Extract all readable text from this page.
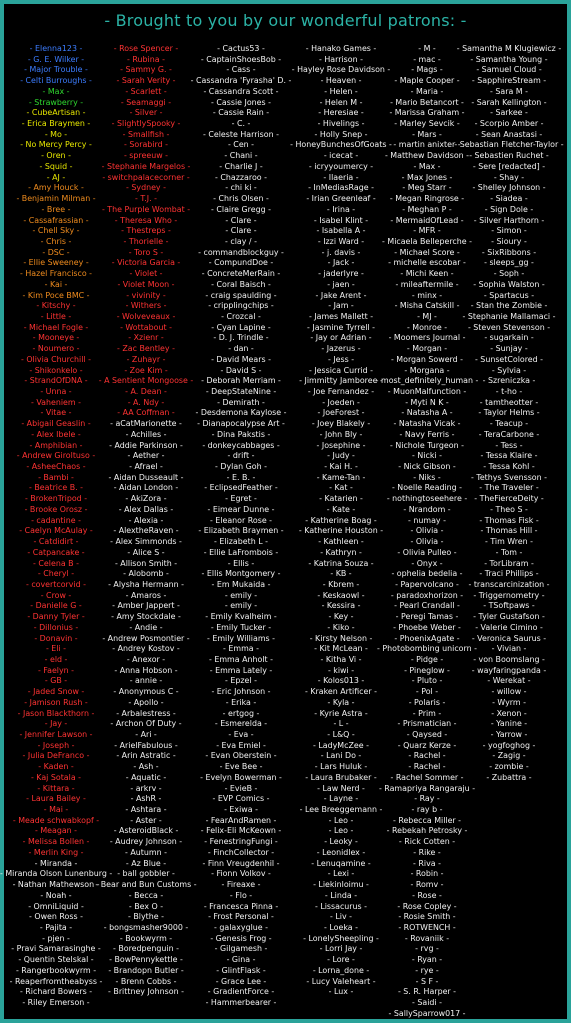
- Brought to you by our wonderful patrons: -
- Elenna123 -
- G. E. Wilker -
- Major Trouble -
- Celti Burroughs -
- Max -
- Strawberry -
- CubeArtisan -
- Erica Braymen -
- Mo -
- No Mercy Percy -
- Oren -
- Squid -
- AJ -
- Amy Houck -
- Benjamin Milman -
- Bree -
- Cassafrassian -
- Chell Sky -
- Chris -
- DSC -
- Ellie Sweeney -
- Hazel Francisco -
- Kai -
- Kim Poce BMC -
- Kitschy -
- Little -
- Michael Fogle -
- Mooneye -
- Noumero -
- Olivia Churchill -
- Shikonkelo -
- StrandOfDNA -
- Unna -
- Vaheniem -
- Vitae -
- Abigail Geaslin -
- Alex Ibele -
- Amphibian -
- Andrew Giroltuso -
- AsheeChaos -
- Bambi -
- Beatrice B. -
- BrokenTripod -
- Brooke Orosz -
- cadantine -
- Caelyn McAulay -
- Catdidirt -
- Catpancake -
- Celena B -
- Cheryl -
- covertcorvid -
- Crow -
- Danielle G -
- Danny Tyler -
- Dillonius -
- Donavin -
- Eli -
- eld -
- Faelyn -
- GB -
- Jaded Snow -
- Jamison Rush -
- Jason Blackthorn -
- Jay -
- Jennifer Lawson -
- Joseph -
- Julia DeFranco -
- Kaden -
- Kaj Sotala -
- Kittara -
- Laura Bailey -
- Mai -
- Meade schwabkopf -
- Meagan -
- Melissa Bollen -
- Merlin King -
- Miranda -
- Miranda Olson Lunenburg -
- Nathan Mathewson -
- Noah -
- OmniLiquid -
- Owen Ross -
- Pajita -
- pjen -
- Pravi Samarasinghe -
- Quentin Stelskal -
- Rangerbookwyrm -
- Reaperfromtheabyss -
- Richard Bowers -
- Riley Emerson -
- Rose Spencer -
- Rubina -
- Sammy G. -
- Sarah Verity -
- Scarlett -
- Seamaggi -
- Silver -
- SlightlySpooky -
- Smallfish -
- Sorabird -
- spreeuw -
- Stephanie Margelos -
- switchpalacecorner -
- Sydney -
- T.J. -
- The Purple Wombat -
- Theresa Who -
- Thestreps -
- Thorielle -
- Toro S -
- Victoria Garcia -
- Violet -
- Violet Moon -
- vivinity -
- Withers -
- Wolveveaux -
- Wottabout -
- Xzienr -
- Zac Bentley -
- Zuhayr -
- Zoe Kim -
- A Sentient Mongoose -
- A. Dean -
- A. Ndy -
- AA Coffman -
- aCatMarionette -
- Achilles -
- Addie Parkinson -
- Aether -
- Afrael -
- Aidan Dusseault -
- Aidan London -
- AkiZora -
- Alex Dallas -
- Alexia -
- AlextheRaven -
- Alex Simmonds -
- Alice S -
- Allison Smith -
- Alobomb -
- Alysha Hermann -
- Amaros -
- Amber Jappert -
- Amy Stockdale -
- Andie -
- Andrew Posmontier -
- Andrey Kostov -
- Anexor -
- Anna Hobson -
- annie -
- Anonymous C -
- Apollo -
- Arbalestress -
- Archon Of Duty -
- Ari -
- ArielFabulous -
- Arin Astratic -
- Ash -
- Aquatic -
- arkrv -
- AshR -
- Ashtara -
- Aster -
- AsteroidBlack -
- Audrey Johnson -
- Autumn -
- Az Blue -
- ball gobbler -
- Bear and Bun Customs -
- Becca -
- Bex O -
- Blythe -
- bongsmasher9000 -
- Bookwyrm -
- Boredpenguin -
- BowPennykettle -
- Brandopn Butler -
- Brenn Cobbs -
- Brittney Johnson -
- Cactus53 -
- CaptainShoesBob -
- Cass -
- Cassandra 'Fyrasha' D. -
- Cassandra Scott -
- Cassie Jones -
- Cassie Rain -
- C. -
- Celeste Harrison -
- Cen -
- Chani -
- Charlie J -
- Chazzaroo -
- chi ki -
- Chris Olsen -
- Claire Gregg -
- Clare -
- Clare -
- clay / -
- commandblockguy -
- CompundDoe -
- ConcreteMerRain -
- Coral Baisch -
- craig spaulding -
- cripplingchips -
- Crozcal -
- Cyan Lapine -
- D. J. Trindle -
- dan -
- David Mears -
- David S -
- Deborah Merriam -
- DeepStateNine -
- Demirath -
- Desdemona Kaylose -
- Dianapocalypse Art -
- Dina Pakstis -
- donkeycabbages -
- drift -
- Dylan Goh -
- E. B. -
- EclipsedFeather -
- Egret -
- Eimear Dunne -
- Eleanor Rose -
- Elizabeth Braymen -
- Elizabeth L -
- Ellie LaFrombois -
- Ellis -
- Ellis Montgomery -
- Em Mukaida -
- emily -
- emily -
- Emily Kvalheim -
- Emily Tucker -
- Emily Williams -
- Emma -
- Emma Anholt -
- Emma Lately -
- Epzel -
- Eric Johnson -
- Erika -
- ertgog -
- Esmerelda -
- Eva -
- Eva Emiel -
- Evan Oberstein -
- Eve Bee -
- Evelyn Bowerman -
- EvieB -
- EVP Comics -
- Exiwa -
- FearAndRamen -
- Felix-Eli McKeown -
- FenestringFungi -
- FinchCollector -
- Finn Vreugdenhil -
- Fionn Volkov -
- Fireaxe -
- Flo -
- Francesca Pinna -
- Frost Personal -
- galaxyglue -
- Genesis Frog -
- Gilgamesh -
- Gina -
- GlintFlask -
- Grace Lee -
- GradientForce -
- Hammerbearer -
- Hanako Games -
- Harrison -
- Hayley Rose Davidson -
- Heaven -
- Helen -
- Helen M -
- Heresiae -
- Hivelings -
- Holly Snep -
- HoneyBunchesOfGoats -
- icecat -
- icryyoumercy -
- Ilaeria -
- InMediasRage -
- Irian Greenleaf -
- Irina -
- Isabel Klint -
- Isabella A -
- Izzi Ward -
- j. davis -
- Jack -
- jaderlyre -
- jaen -
- Jake Arent -
- Jam -
- James Mallett -
- Jasmine Tyrrell -
- Jay or Adrian -
- Jazerus -
- Jess -
- Jessica Currid -
- Jimmitty Jamboree -
- Joe Fernandez -
- Joeden -
- JoeForest -
- Joey Blakely -
- John Bly -
- Josephine -
- Judy -
- Kai H. -
- Kame-Tan -
- Kat -
- Katarien -
- Kate -
- Katherine Boag -
- Katherine Houston -
- Kathleen -
- Kathryn -
- Katrina Souza -
- KB -
- Kbrem -
- Keskaowl -
- Kessira -
- Key -
- Kiko -
- Kirsty Nelson -
- Kit McLean -
- Kitha Vi -
- kiwi -
- Kolos013 -
- Kraken Artificer -
- Kyla -
- Kyrie Astra -
- L -
- L&Q -
- LadyMcZee -
- Lani Do -
- Lars Huluk -
- Laura Brubaker -
- Law Nerd -
- Layne -
- Lee Breeggemann -
- Leo -
- Leo -
- Leoky -
- Leonidlex -
- Lenuqamine -
- Lexi -
- Liekinloimu -
- Linda -
- Lissacurus -
- Liv -
- Loeka -
- LonelySheepling -
- Lorri Jay -
- Lore -
- Lorna_done -
- Lucy Valeheart -
- Lux -
- M -
- mac -
- Mags -
- Maple Cooper -
- Maria -
- Mario Betancort -
- Marissa Graham -
- Marley Sevcik -
- Mars -
- martin anixter -
- Matthew Davidson -
- Max -
- Max Jones -
- Meg Starr -
- Megan Ringrose -
- Meghan P -
- MermaidOfLead -
- MFR -
- Micaela Belleperche -
- Michael Score -
- michelle escobar -
- Michi Keen -
- mileaftermile -
- minx -
- Misha Catskill -
- MJ -
- Monroe -
- Moomers Journal -
- Morgan -
- Morgan Sowerd -
- Morgana -
- most_definitely_human -
- MuonMalfunction -
- Myti N K -
- Natasha A -
- Natasha Vicak -
- Navy Ferris -
- Nichole Turgeon -
- Nicki -
- Nick Gibson -
- Niks -
- Noelle Reading -
- nothingtoseehere -
- Nrandom -
- numay -
- Olivia -
- Olivia -
- Olivia Pulleo -
- Onyx -
- ophelia bedelia -
- Papervolcano -
- paradoxhorizon -
- Pearl Crandall -
- Peregi Tamas -
- Phoebe Weber -
- PhoenixAgate -
- Photobombing unicorn -
- Pidge -
- Pineglow -
- Pluto -
- Pol -
- Polaris -
- Prim -
- Prismatician -
- Qaysed -
- Quarz Kerze -
- Rachel -
- Rachel -
- Rachel Sommer -
- Ramapriya Rangaraju -
- Ray -
- ray b -
- Rebecca Miller -
- Rebekah Petrosky -
- Rick Cotten -
- Rike -
- Riva -
- Robin -
- Romv -
- Rose -
- Rose Copley -
- Rosie Smith -
- ROTWENCH -
- Rovaniik -
- rvg -
- Ryan -
- rye -
- S F -
- S. R. Harper -
- Saidi -
- SallySparrow017 -
- Samantha M Klugiewicz -
- Samantha Young -
- Samuel Cloud -
- SapphireStream -
- Sara M -
- Sarah Kellington -
- Sarkee -
- Scorpio Amber -
- Sean Anastasi -
- Sebastian Fletcher-Taylor -
- Sebastien Ruchet -
- Sere [redacted] -
- Shay -
- Shelley Johnson -
- Siadea -
- Sign Dole -
- Silver Harthorn -
- Simon -
- Sioury -
- SixRibbons -
- sleeps_gg -
- Soph -
- Sophia Walston -
- Spartacus -
- Stan the Zombie -
- Stephanie Mallamaci -
- Steven Stevenson -
- sugarkain -
- Sunjay -
- SunsetColored -
- Sylvia -
- Szreniczka -
- t-ho -
- tamtheotter -
- Taylor Helms -
- Teacup -
- TeraCarbone -
- Tess -
- Tessa Klaire -
- Tessa Kohl -
- Tethys Svensson -
- The Traveler -
- TheFierceDeity -
- Theo S -
- Thomas Fisk -
- Thomas Hill -
- Tim Wren -
- Tom -
- TorLibram -
- Traci Phillips -
- transcarcinization -
- Triggernometry -
- TSoftpaws -
- Tyler Gustafson -
- Valerie Cimino -
- Veronica Saurus -
- Vivian -
- von Boomslang -
- wayfaringpanda -
- Werekat -
- willow -
- Wyrm -
- Xenon -
- Yanine -
- Yarrow -
- yogfoghog -
- Zagig -
- zombie -
- Zubattra -
